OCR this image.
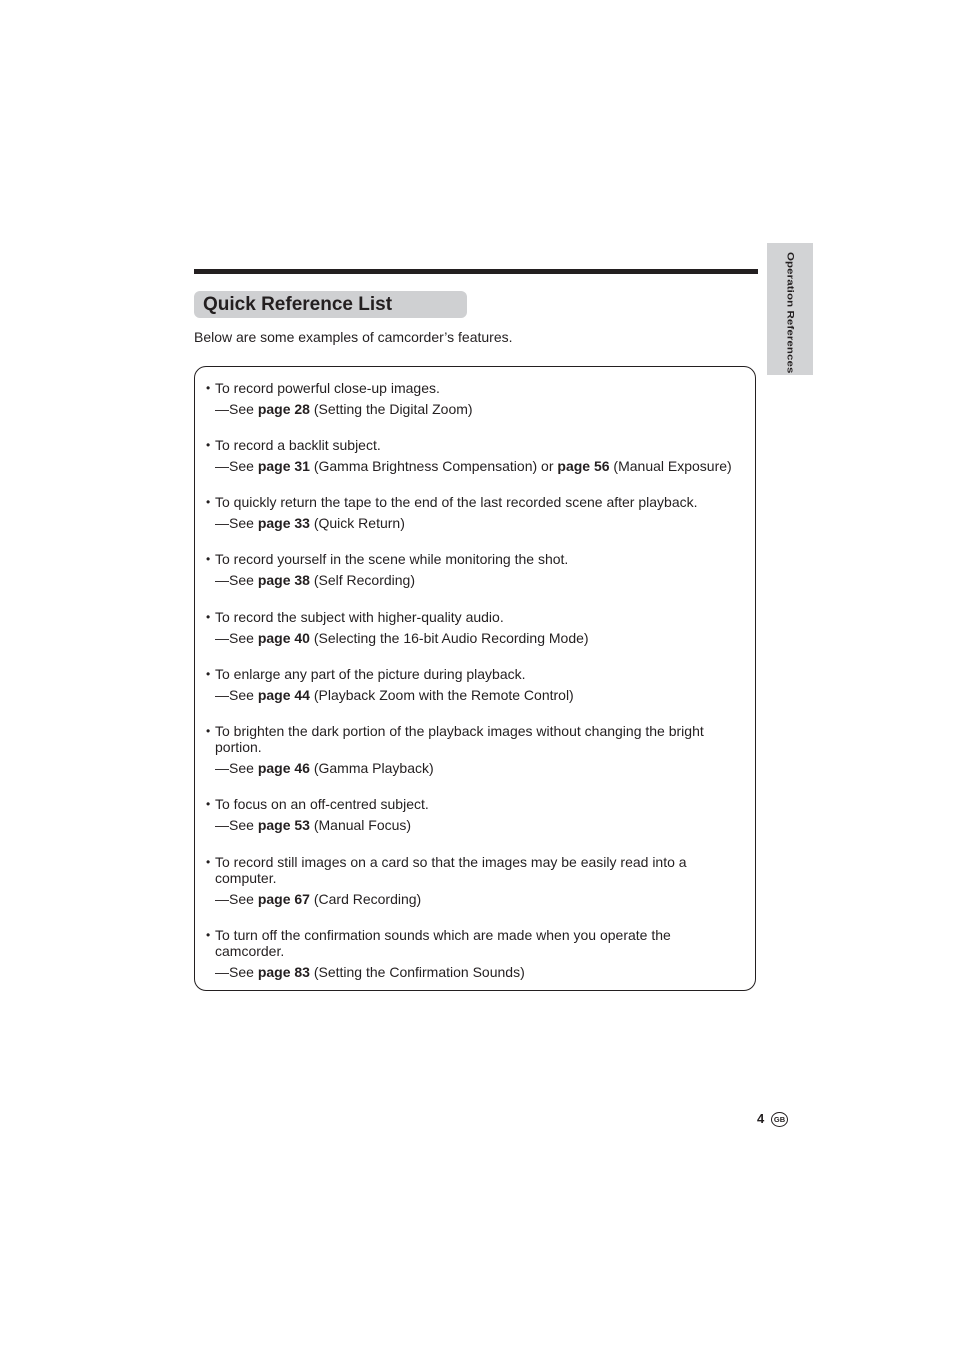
Operation References
Quick Reference List

Below are some examples of camcorder’s features.

• To record powerful close-up images.

—See page 28 (Setting the Digital Zoom)
• To record a backlit subject.

—See page 31 (Gamma Brightness Compensation) or page 56 (Manual Exposure)
• To quickly return the tape to the end of the last recorded scene after playback.

—See page 33 (Quick Return)
• To record yourself in the scene while monitoring the shot.

—See page 38 (Self Recording)
• To record the subject with higher-quality audio.

—See page 40 (Selecting the 16-bit Audio Recording Mode)
• To enlarge any part of the picture during playback.

—See page 44 (Playback Zoom with the Remote Control)
• To brighten the dark portion of the playback images without changing the bright

portion.

—See page 46 (Gamma Playback)
• To focus on an off-centred subject.

—See page 53 (Manual Focus)
• To record still images on a card so that the images may be easily read into a

computer.

—See page 67 (Card Recording)
• To turn off the confirmation sounds which are made when you operate the

camcorder.

—See page 83 (Setting the Confirmation Sounds)
4	GB
